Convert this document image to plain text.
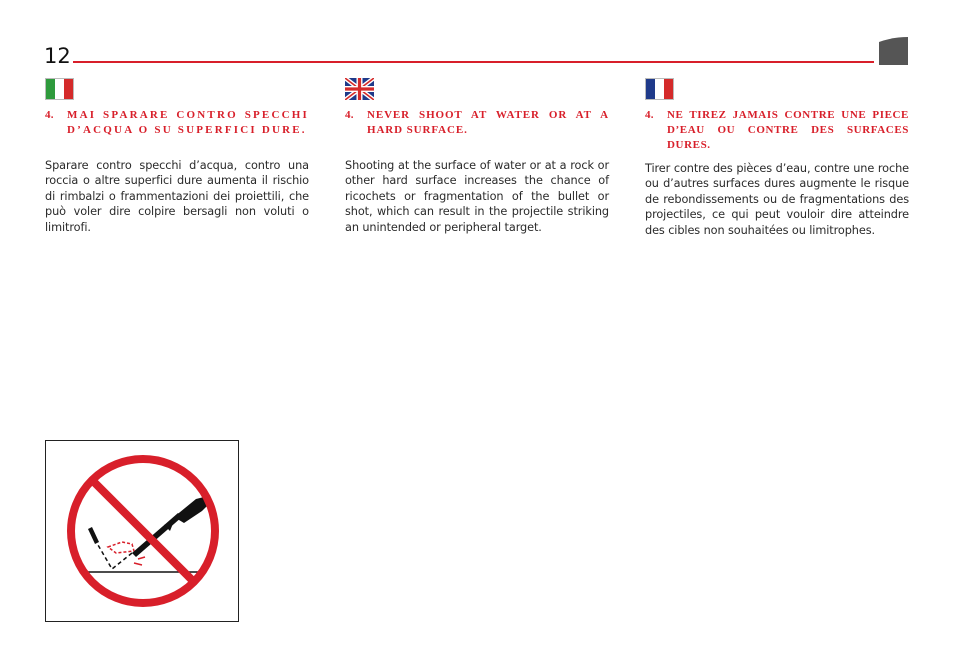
12
4.	MAI SPARARE CONTRO SPECCHI D’ACQUA O SU SUPERFICI DURE.
Sparare contro specchi d’acqua, contro una roccia o altre superfici dure aumenta il rischio di rimbalzi o frammentazioni dei proiettili, che può voler dire colpire bersagli non voluti o limitrofi.
4.	NEVER SHOOT AT WATER OR AT A HARD SURFACE.
Shooting at the surface of water or at a rock or other hard surface increases the chance of ricochets or fragmentation of the bullet or shot, which can result in the projectile striking an unintended or peripheral target.
4.	NE TIREZ JAMAIS CONTRE UNE PIECE D’EAU OU CONTRE DES SURFACES DURES.
Tirer contre des pièces d’eau, contre une roche ou d’autres surfaces dures augmente le risque de rebondissements ou de fragmentations des projectiles, ce qui peut vouloir dire atteindre des cibles non souhaitées ou limitrophes.
